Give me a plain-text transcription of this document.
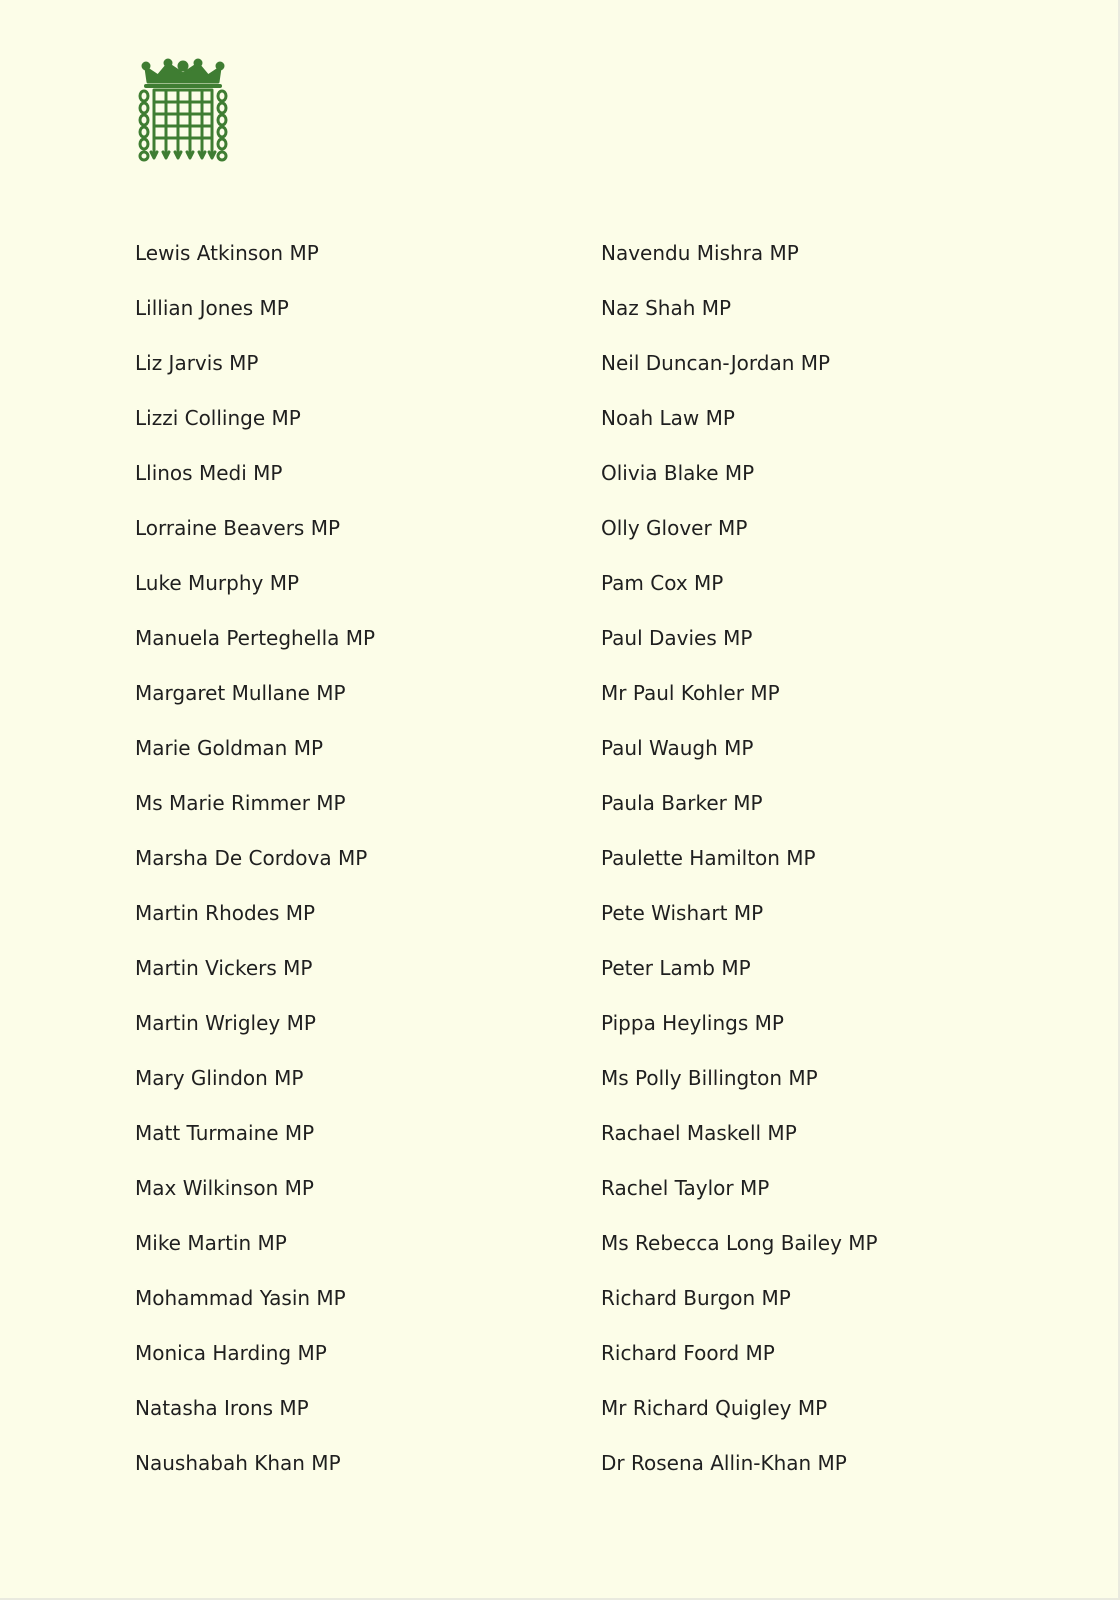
Lewis Atkinson MP
Lillian Jones MP
Liz Jarvis MP
Lizzi Collinge MP
Llinos Medi MP
Lorraine Beavers MP
Luke Murphy MP
Manuela Perteghella MP
Margaret Mullane MP
Marie Goldman MP
Ms Marie Rimmer MP
Marsha De Cordova MP
Martin Rhodes MP
Martin Vickers MP
Martin Wrigley MP
Mary Glindon MP
Matt Turmaine MP
Max Wilkinson MP
Mike Martin MP
Mohammad Yasin MP
Monica Harding MP
Natasha Irons MP
Naushabah Khan MP
Navendu Mishra MP
Naz Shah MP
Neil Duncan-Jordan MP
Noah Law MP
Olivia Blake MP
Olly Glover MP
Pam Cox MP
Paul Davies MP
Mr Paul Kohler MP
Paul Waugh MP
Paula Barker MP
Paulette Hamilton MP
Pete Wishart MP
Peter Lamb MP
Pippa Heylings MP
Ms Polly Billington MP
Rachael Maskell MP
Rachel Taylor MP
Ms Rebecca Long Bailey MP
Richard Burgon MP
Richard Foord MP
Mr Richard Quigley MP
Dr Rosena Allin-Khan MP
